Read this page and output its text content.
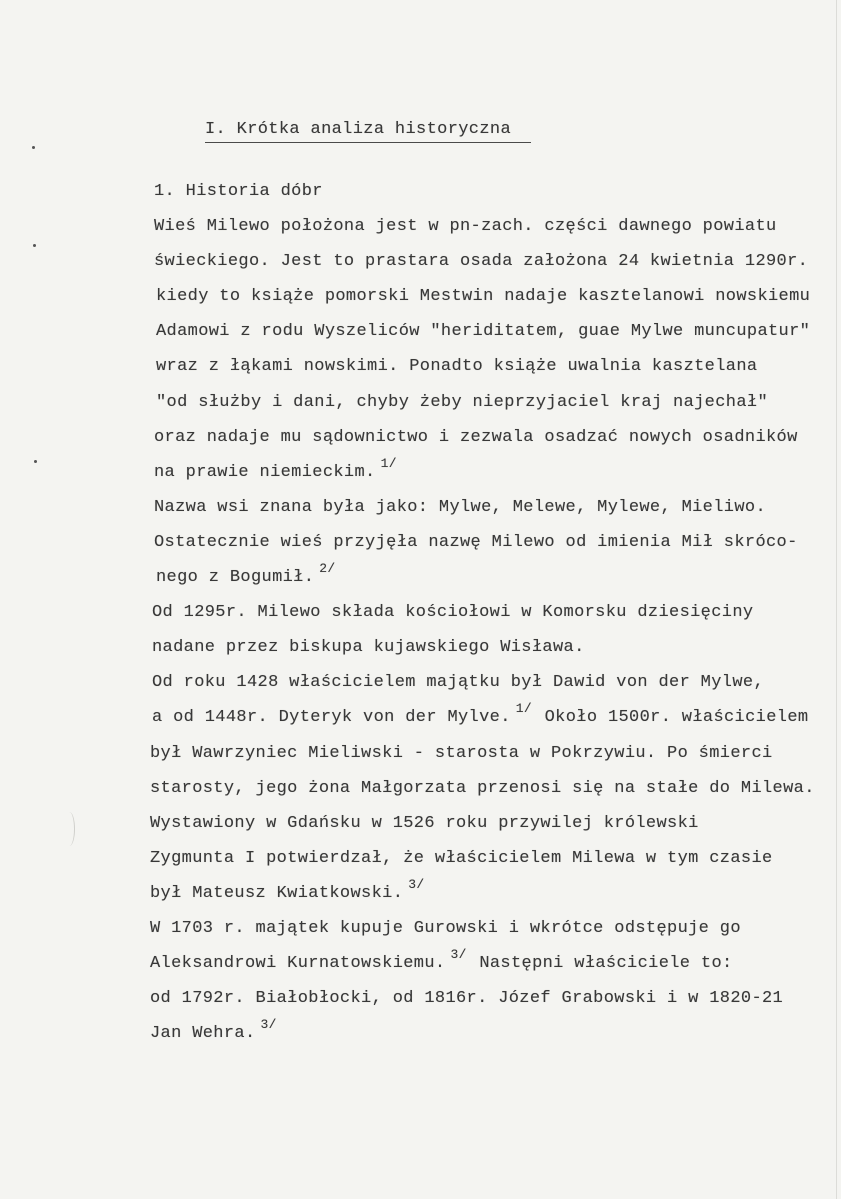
I. Krótka analiza historyczna
1. Historia dóbr
Wieś Milewo położona jest w pn-zach. części dawnego powiatu
świeckiego. Jest to prastara osada założona 24 kwietnia 1290r.
kiedy to książe pomorski Mestwin nadaje kasztelanowi nowskiemu
Adamowi z rodu Wyszeliców "heriditatem, guae Mylwe muncupatur"
wraz z łąkami nowskimi. Ponadto książe uwalnia kasztelana
"od służby i dani, chyby żeby nieprzyjaciel kraj najechał"
oraz nadaje mu sądownictwo i zezwala osadzać nowych osadników
na prawie niemieckim. $^{1/}$
Nazwa wsi znana była jako: Mylwe, Melewe, Mylewe, Mieliwo.
Ostatecznie wieś przyjęła nazwę Milewo od imienia Mił skróco-
nego z Bogumił. $^{2/}$
Od 1295r. Milewo składa kościołowi w Komorsku dziesięciny
nadane przez biskupa kujawskiego Wisława.
Od roku 1428 właścicielem majątku był Dawid von der Mylwe,
a od 1448r. Dyteryk von der Mylve. $^{1/}$ Około 1500r. właścicielem
był Wawrzyniec Mieliwski - starosta w Pokrzywiu. Po śmierci
starosty, jego żona Małgorzata przenosi się na stałe do Milewa.
Wystawiony w Gdańsku w 1526 roku przywilej królewski
Zygmunta I potwierdzał, że właścicielem Milewa w tym czasie
był Mateusz Kwiatkowski. $^{3/}$
W 1703 r. majątek kupuje Gurowski i wkrótce odstępuje go
Aleksandrowi Kurnatowskiemu. $^{3/}$ Następni właściciele to:
od 1792r. Białobłocki, od 1816r. Józef Grabowski i w 1820-21
Jan Wehra. $^{3/}$
